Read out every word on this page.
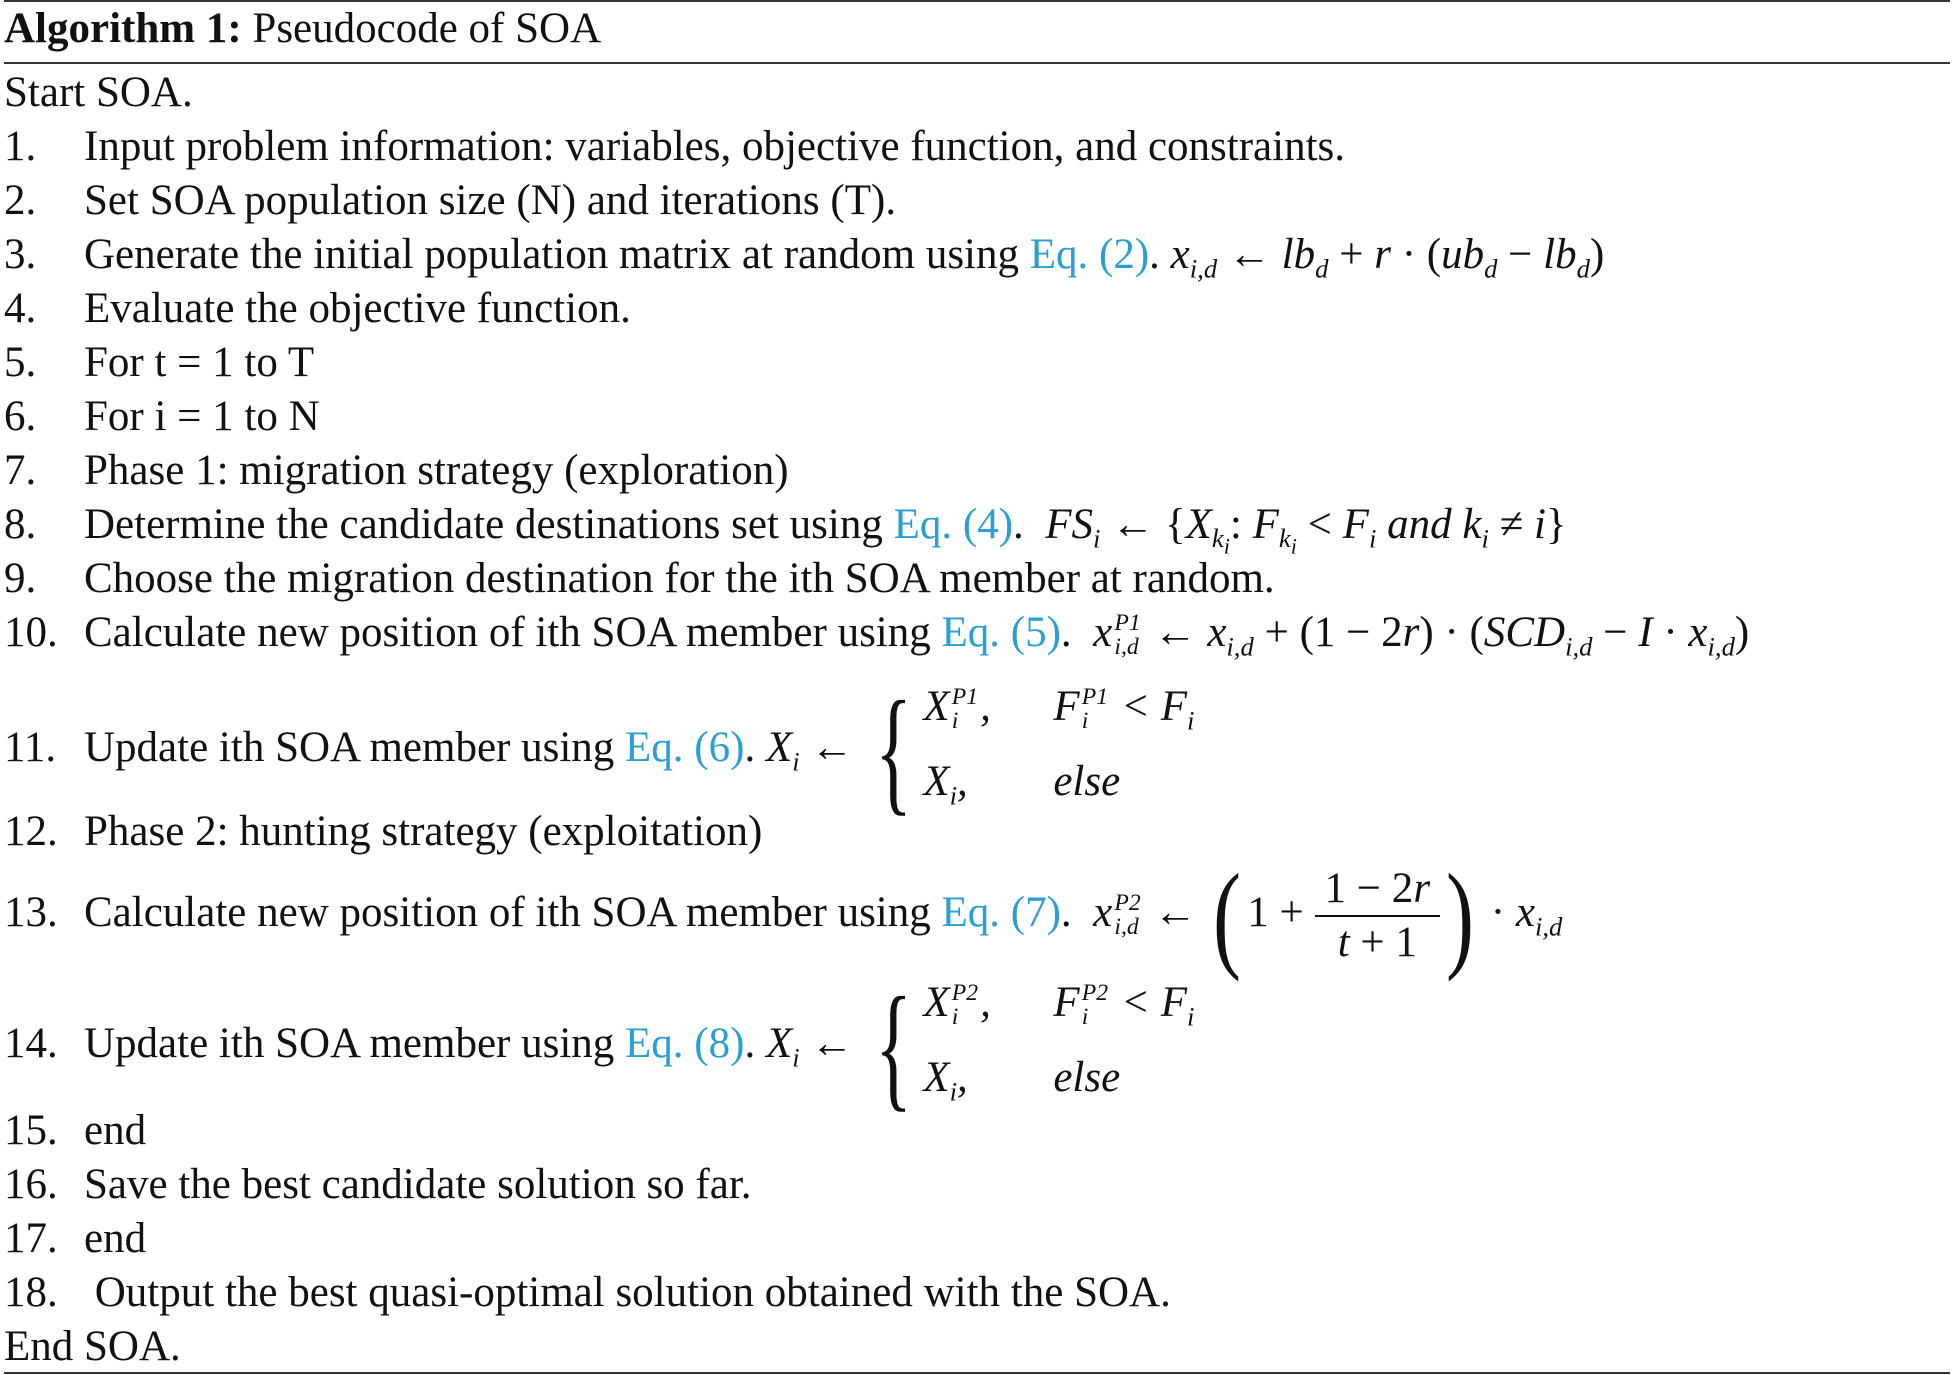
Algorithm 1: Pseudocode of SOA
Start SOA.
1. Input problem information: variables, objective function, and constraints.
2. Set SOA population size (N) and iterations (T).
3. Generate the initial population matrix at random using Eq. (2). $x_{i,d}$ ← $lb_d + r \cdot (ub_d - lb_d)$
4. Evaluate the objective function.
5. For t = 1 to T
6. For i = 1 to N
7. Phase 1: migration strategy (exploration)
8. Determine the candidate destinations set using Eq. (4).  $FS_i$ ← {$X_{k_i}$: $F_{k_i} < F_i$ and $k_i \ne i$}
9. Choose the migration destination for the ith SOA member at random.
10. Calculate new position of ith SOA member using Eq. (5).  x P1
i,d ← $x_{i,d} + (1 - 2r) \cdot (SCD_{i,d} - I \cdot x_{i,d})$
11. Update ith SOA member using Eq. (6). $X_i$ ← { X P1
i , F P1
$i < F_i$
$X_i$, else
12. Phase 2: hunting strategy (exploitation)
13. Calculate new position of ith SOA member using Eq. (7).  x P2
i,d ← ( $1 + \frac{1 - 2r}{t + 1}$ ) · $x_{i,d}$
14. Update ith SOA member using Eq. (8). $X_i$ ← { X P2
i , F P2
$i < F_i$
$X_i$, else
15. end
16. Save the best candidate solution so far.
17. end
18. Output the best quasi-optimal solution obtained with the SOA.
End SOA.
